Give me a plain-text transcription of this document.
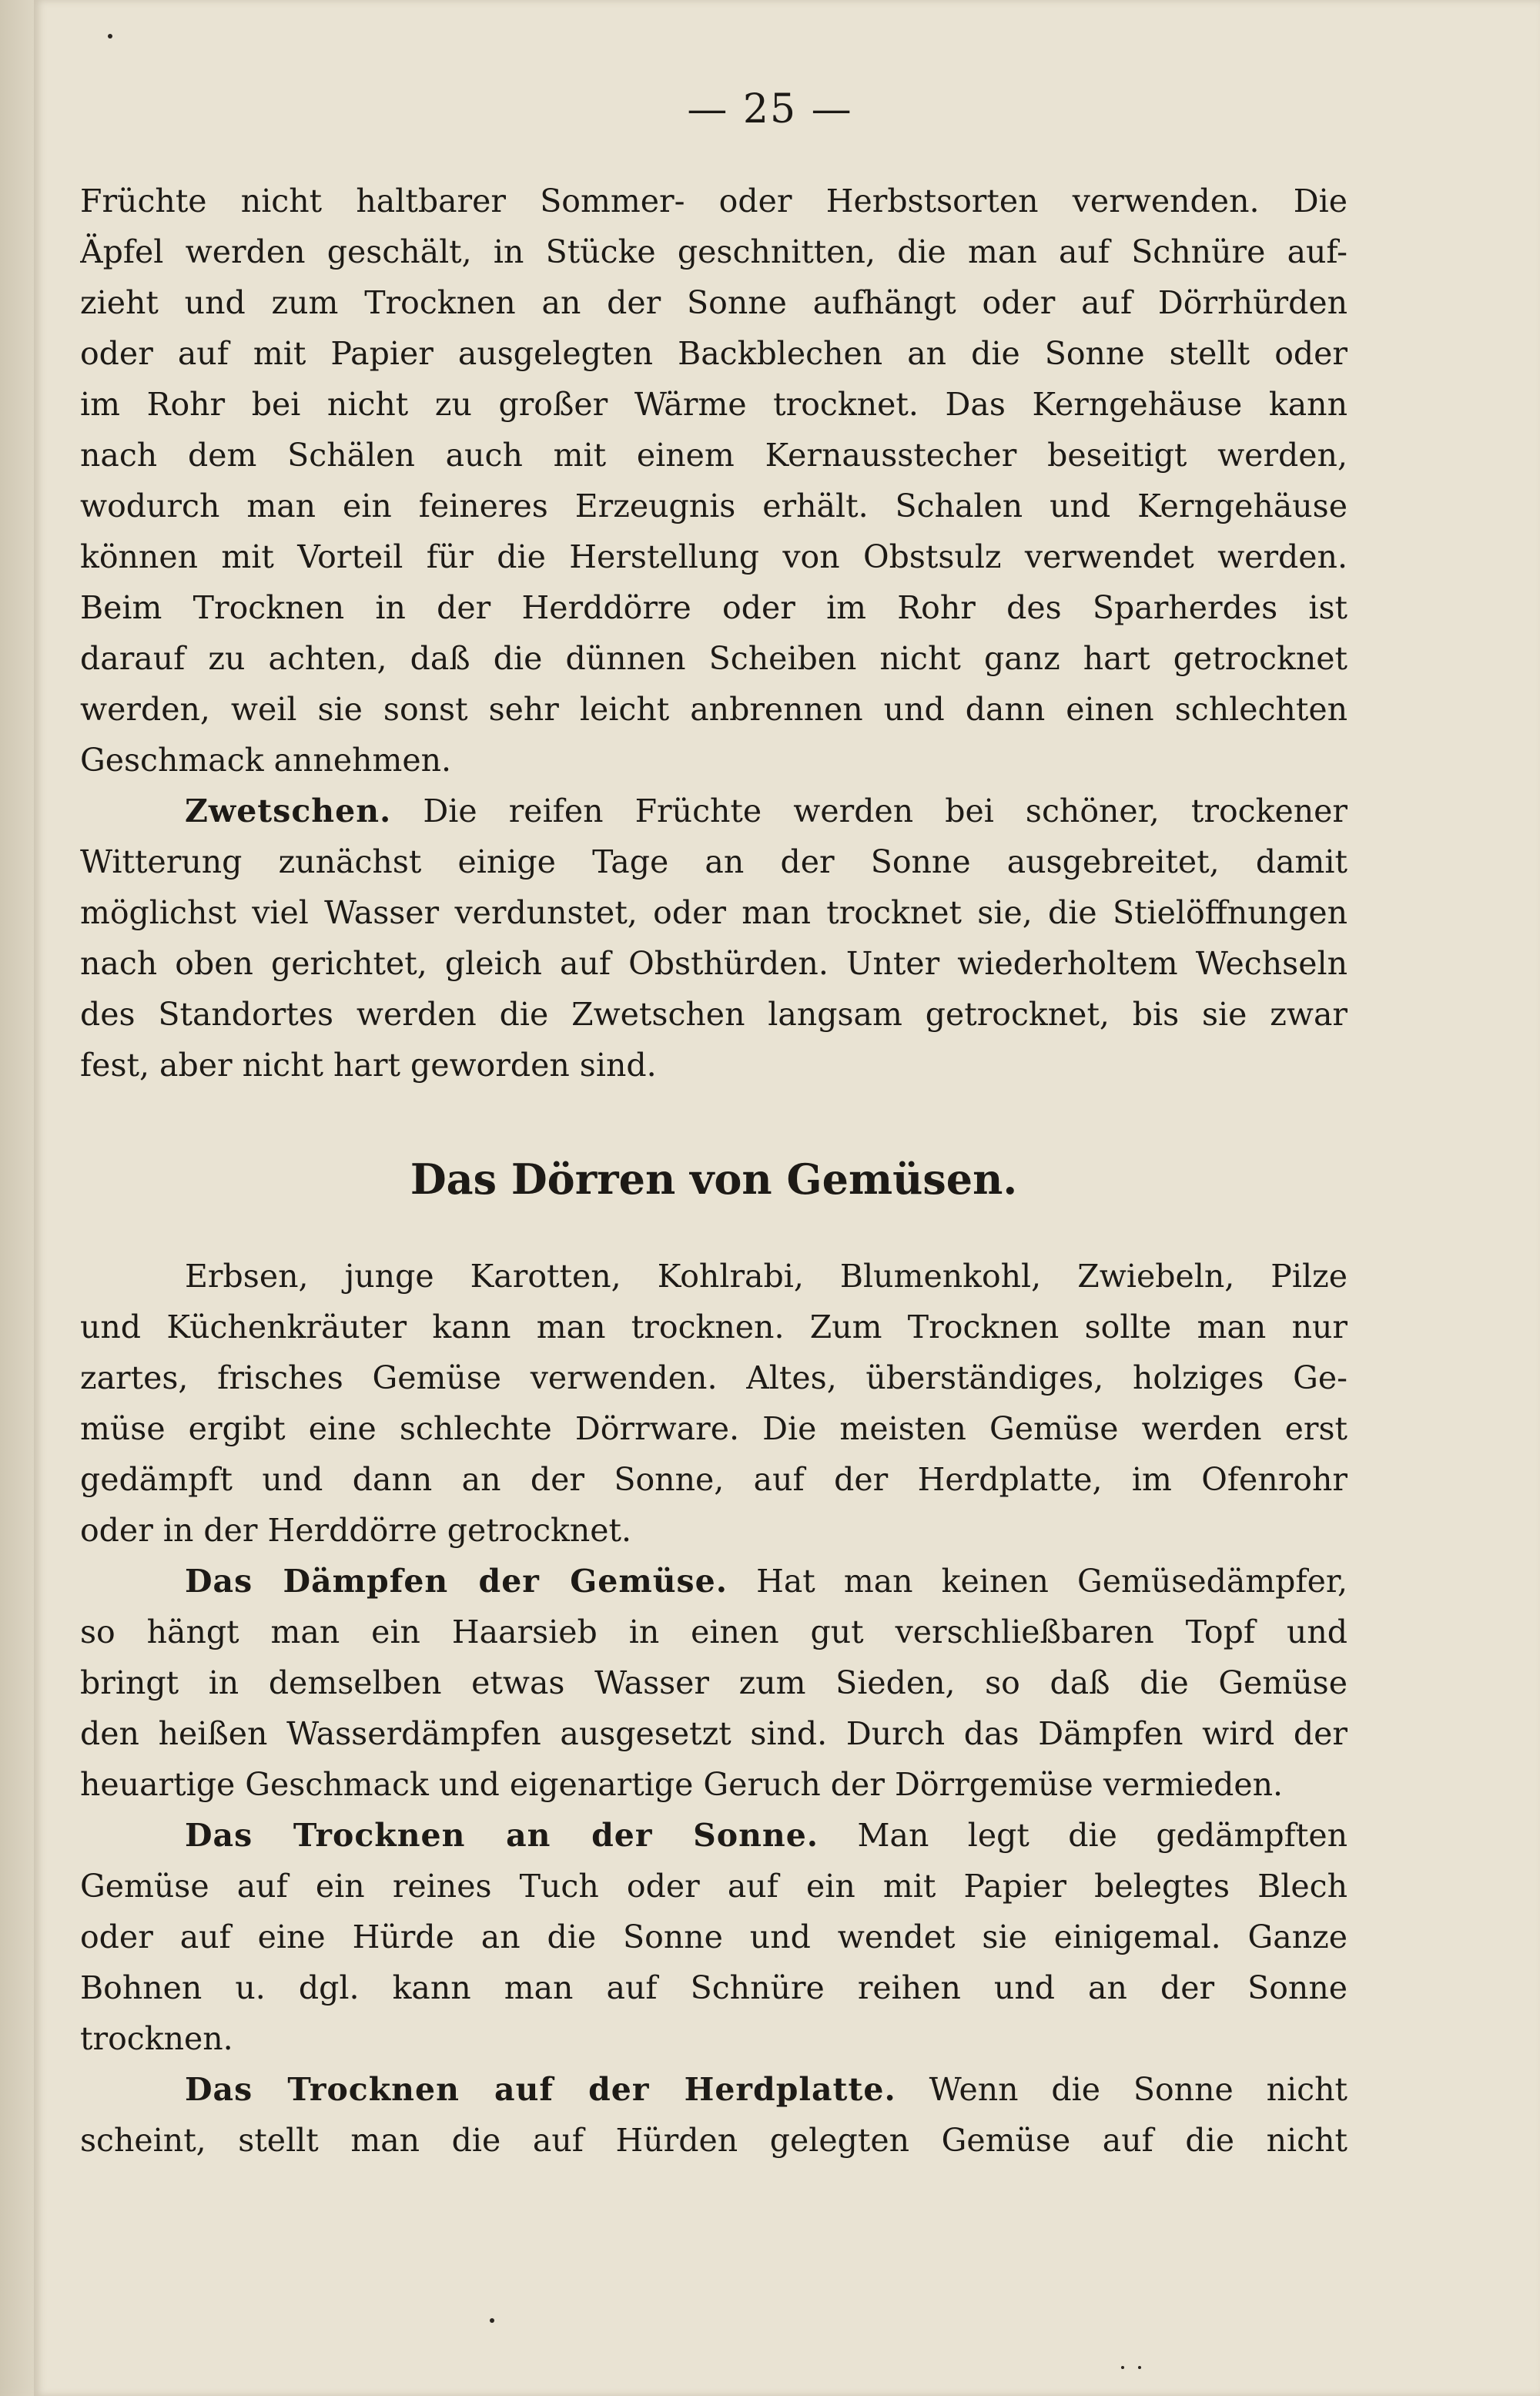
— 25 —
Früchte nicht haltbarer Sommer- oder Herbstsorten verwenden. Die
Äpfel werden geschält, in Stücke geschnitten, die man auf Schnüre auf-
zieht und zum Trocknen an der Sonne aufhängt oder auf Dörrhürden
oder auf mit Papier ausgelegten Backblechen an die Sonne stellt oder
im Rohr bei nicht zu großer Wärme trocknet. Das Kerngehäuse kann
nach dem Schälen auch mit einem Kernausstecher beseitigt werden,
wodurch man ein feineres Erzeugnis erhält. Schalen und Kerngehäuse
können mit Vorteil für die Herstellung von Obstsulz verwendet werden.
Beim Trocknen in der Herddörre oder im Rohr des Sparherdes ist
darauf zu achten, daß die dünnen Scheiben nicht ganz hart getrocknet
werden, weil sie sonst sehr leicht anbrennen und dann einen schlechten
Geschmack annehmen.
Zwetschen. Die reifen Früchte werden bei schöner, trockener
Witterung zunächst einige Tage an der Sonne ausgebreitet, damit
möglichst viel Wasser verdunstet, oder man trocknet sie, die Stielöffnungen
nach oben gerichtet, gleich auf Obsthürden. Unter wiederholtem Wechseln
des Standortes werden die Zwetschen langsam getrocknet, bis sie zwar
fest, aber nicht hart geworden sind.
Das Dörren von Gemüsen.
Erbsen, junge Karotten, Kohlrabi, Blumenkohl, Zwiebeln, Pilze
und Küchenkräuter kann man trocknen. Zum Trocknen sollte man nur
zartes, frisches Gemüse verwenden. Altes, überständiges, holziges Ge-
müse ergibt eine schlechte Dörrware. Die meisten Gemüse werden erst
gedämpft und dann an der Sonne, auf der Herdplatte, im Ofenrohr
oder in der Herddörre getrocknet.
Das Dämpfen der Gemüse. Hat man keinen Gemüsedämpfer,
so hängt man ein Haarsieb in einen gut verschließbaren Topf und
bringt in demselben etwas Wasser zum Sieden, so daß die Gemüse
den heißen Wasserdämpfen ausgesetzt sind. Durch das Dämpfen wird der
heuartige Geschmack und eigenartige Geruch der Dörrgemüse vermieden.
Das Trocknen an der Sonne. Man legt die gedämpften
Gemüse auf ein reines Tuch oder auf ein mit Papier belegtes Blech
oder auf eine Hürde an die Sonne und wendet sie einigemal. Ganze
Bohnen u. dgl. kann man auf Schnüre reihen und an der Sonne
trocknen.
Das Trocknen auf der Herdplatte. Wenn die Sonne nicht
scheint, stellt man die auf Hürden gelegten Gemüse auf die nicht
